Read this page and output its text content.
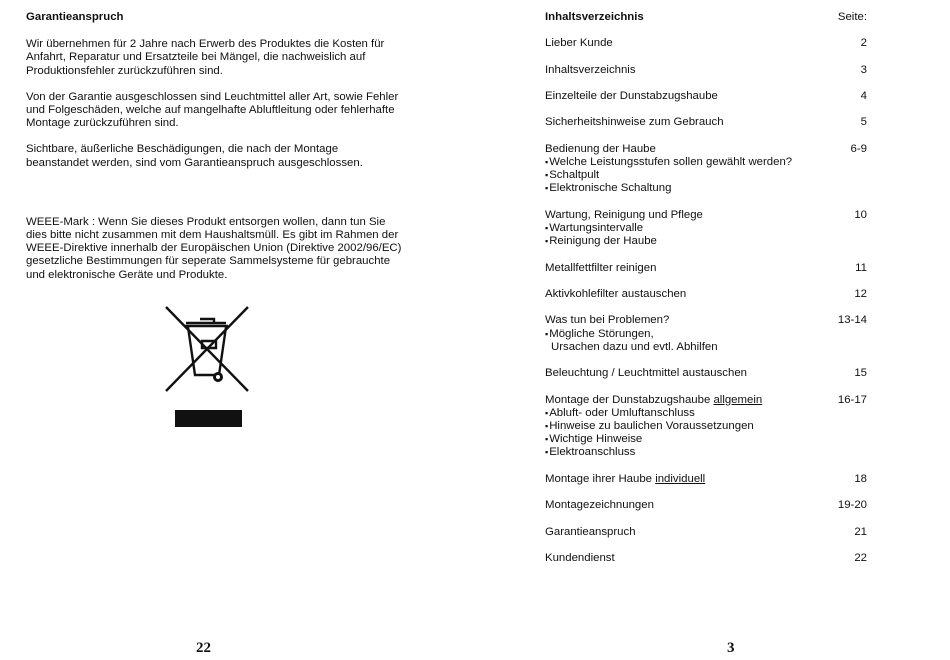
Garantieanspruch

Wir übernehmen für 2 Jahre nach Erwerb des Produktes die Kosten für
Anfahrt, Reparatur und Ersatzteile bei Mängel, die nachweislich auf
Produktionsfehler zurückzuführen sind.

Von der Garantie ausgeschlossen sind Leuchtmittel aller Art, sowie Fehler
und Folgeschäden, welche auf mangelhafte Abluftleitung oder fehlerhafte
Montage zurückzuführen sind.

Sichtbare, äußerliche Beschädigungen, die nach der Montage
beanstandet werden, sind vom Garantieanspruch ausgeschlossen.

WEEE-Mark : Wenn Sie dieses Produkt entsorgen wollen, dann tun Sie
dies bitte nicht zusammen mit dem Haushaltsmüll. Es gibt im Rahmen der
WEEE-Direktive innerhalb der Europäischen Union (Direktive 2002/96/EC)
gesetzliche Bestimmungen für seperate Sammelsysteme für gebrauchte
und elektronische Geräte und Produkte.

22
Inhaltsverzeichnis	Seite:
Lieber Kunde	2
Inhaltsverzeichnis	3
Einzelteile der Dunstabzugshaube	4
Sicherheitshinweise zum Gebrauch	5
Bedienung der Haube	6-9
▪ Welche Leistungsstufen sollen gewählt werden?
▪ Schaltpult
▪ Elektronische Schaltung
Wartung, Reinigung und Pflege	10
▪ Wartungsintervalle
▪ Reinigung der Haube
Metallfettfilter reinigen	11
Aktivkohlefilter austauschen	12
Was tun bei Problemen?	13-14
▪ Mögliche Störungen,
Ursachen dazu und evtl. Abhilfen
Beleuchtung / Leuchtmittel austauschen	15
Montage der Dunstabzugshaube allgemein	16-17
▪ Abluft- oder Umluftanschluss
▪ Hinweise zu baulichen Voraussetzungen
▪ Wichtige Hinweise
▪ Elektroanschluss
Montage ihrer Haube individuell	18
Montagezeichnungen	19-20
Garantieanspruch	21
Kundendienst	22
3
